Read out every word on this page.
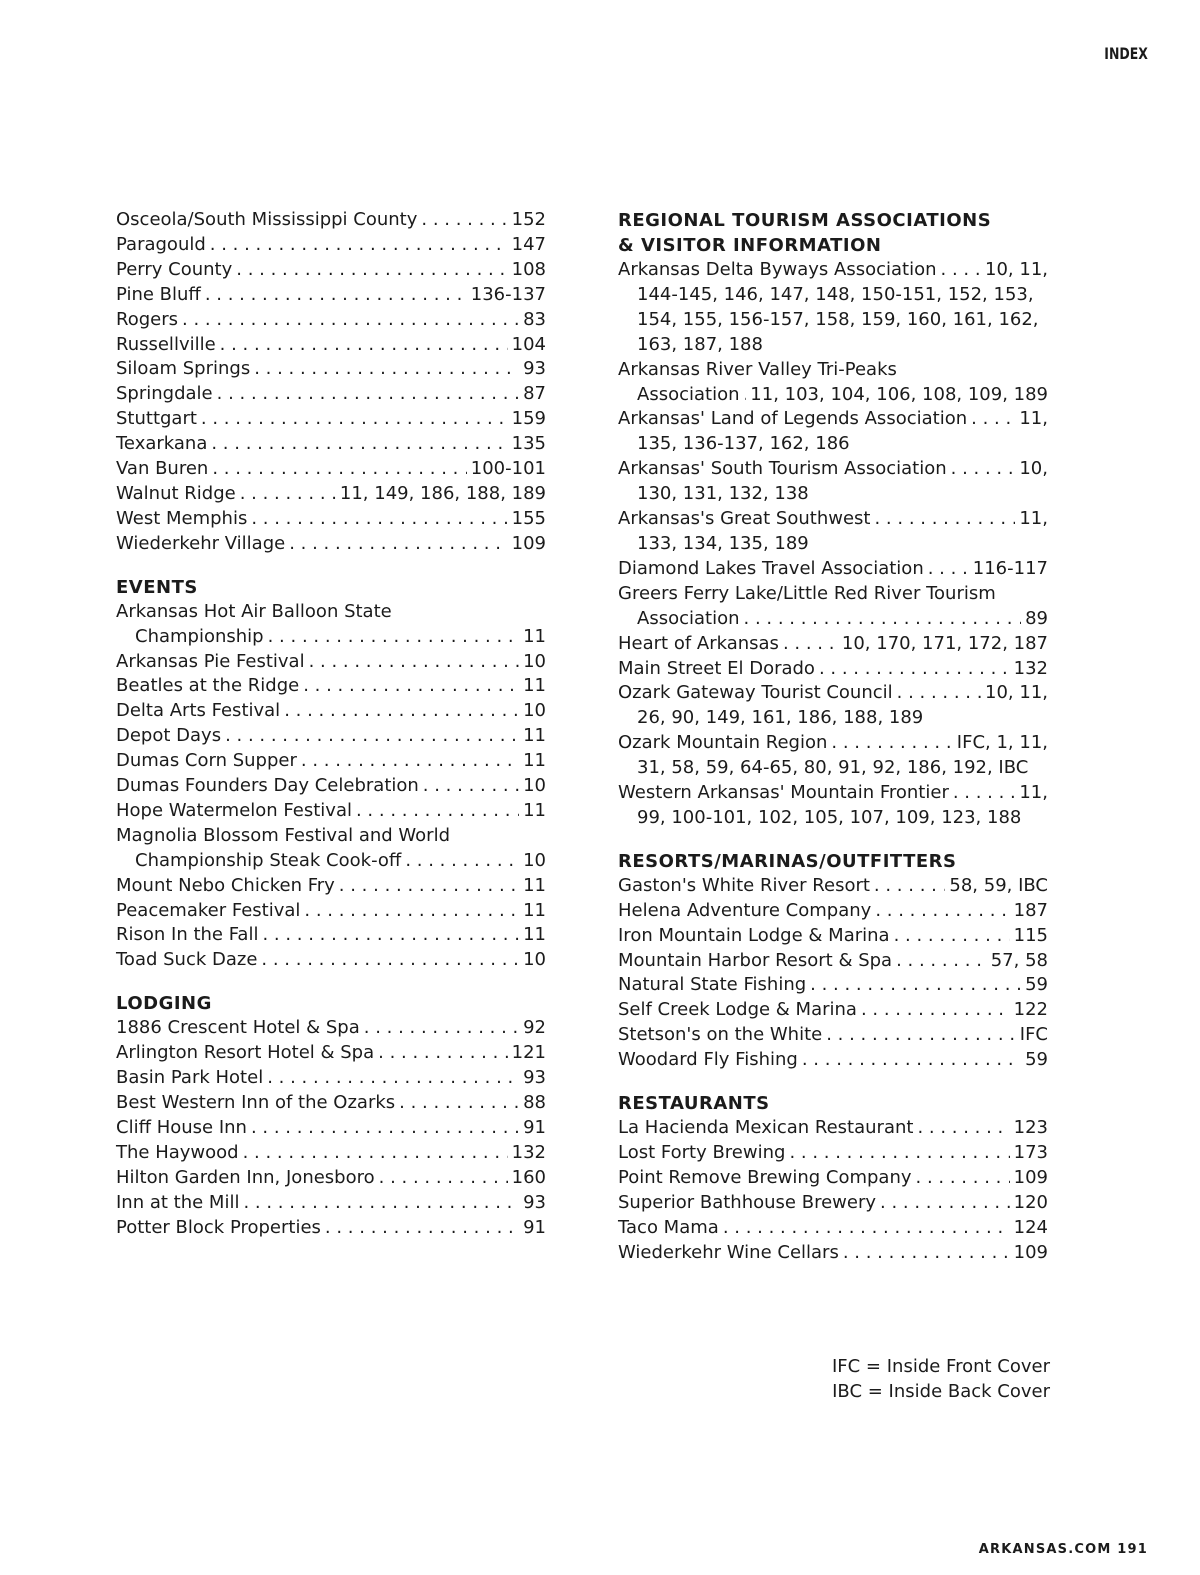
INDEX
Osceola/South Mississippi County . . .	152
Paragould . . .	147
Perry County . . .	108
Pine Bluff . . .	136-137
Rogers . . .	83
Russellville . . .	104
Siloam Springs . . .	93
Springdale . . .	87
Stuttgart . . .	159
Texarkana . . .	135
Van Buren . . .	100-101
Walnut Ridge . . .	11, 149, 186, 188, 189
West Memphis . . .	155
Wiederkehr Village . . .	109
EVENTS
Arkansas Hot Air Balloon State
Championship . . .	11
Arkansas Pie Festival . . .	10
Beatles at the Ridge . . .	11
Delta Arts Festival . . .	10
Depot Days . . .	11
Dumas Corn Supper . . .	11
Dumas Founders Day Celebration . . .	10
Hope Watermelon Festival . . .	11
Magnolia Blossom Festival and World
Championship Steak Cook-off . . .	10
Mount Nebo Chicken Fry . . .	11
Peacemaker Festival . . .	11
Rison In the Fall . . .	11
Toad Suck Daze . . .	10
LODGING
1886 Crescent Hotel & Spa . . .	92
Arlington Resort Hotel & Spa . . .	121
Basin Park Hotel . . .	93
Best Western Inn of the Ozarks . . .	88
Cliff House Inn . . .	91
The Haywood . . .	132
Hilton Garden Inn, Jonesboro . . .	160
Inn at the Mill . . .	93
Potter Block Properties . . .	91
REGIONAL TOURISM ASSOCIATIONS
& VISITOR INFORMATION
Arkansas Delta Byways Association . . .	10, 11,
144-145, 146, 147, 148, 150-151, 152, 153,
154, 155, 156-157, 158, 159, 160, 161, 162,
163, 187, 188
Arkansas River Valley Tri-Peaks
Association . . . 11, 103, 104, 106, 108, 109, 189
Arkansas' Land of Legends Association . . .	11,
135, 136-137, 162, 186
Arkansas' South Tourism Association . . .	10,
130, 131, 132, 138
Arkansas's Great Southwest . . .	11,
133, 134, 135, 189
Diamond Lakes Travel Association . . .	116-117
Greers Ferry Lake/Little Red River Tourism
Association . . .	89
Heart of Arkansas . . .	10, 170, 171, 172, 187
Main Street El Dorado . . .	132
Ozark Gateway Tourist Council . . .	10, 11,
26, 90, 149, 161, 186, 188, 189
Ozark Mountain Region . . .	IFC, 1, 11,
31, 58, 59, 64-65, 80, 91, 92, 186, 192, IBC
Western Arkansas' Mountain Frontier . . .	11,
99, 100-101, 102, 105, 107, 109, 123, 188
RESORTS/MARINAS/OUTFITTERS
Gaston's White River Resort . . .	58, 59, IBC
Helena Adventure Company . . .	187
Iron Mountain Lodge & Marina . . .	115
Mountain Harbor Resort & Spa . . .	57, 58
Natural State Fishing . . .	59
Self Creek Lodge & Marina . . .	122
Stetson's on the White . . .	IFC
Woodard Fly Fishing . . .	59
RESTAURANTS
La Hacienda Mexican Restaurant . . .	123
Lost Forty Brewing . . .	173
Point Remove Brewing Company . . .	109
Superior Bathhouse Brewery . . .	120
Taco Mama . . .	124
Wiederkehr Wine Cellars . . .	109
IFC = Inside Front Cover
IBC = Inside Back Cover
ARKANSAS.COM 191
